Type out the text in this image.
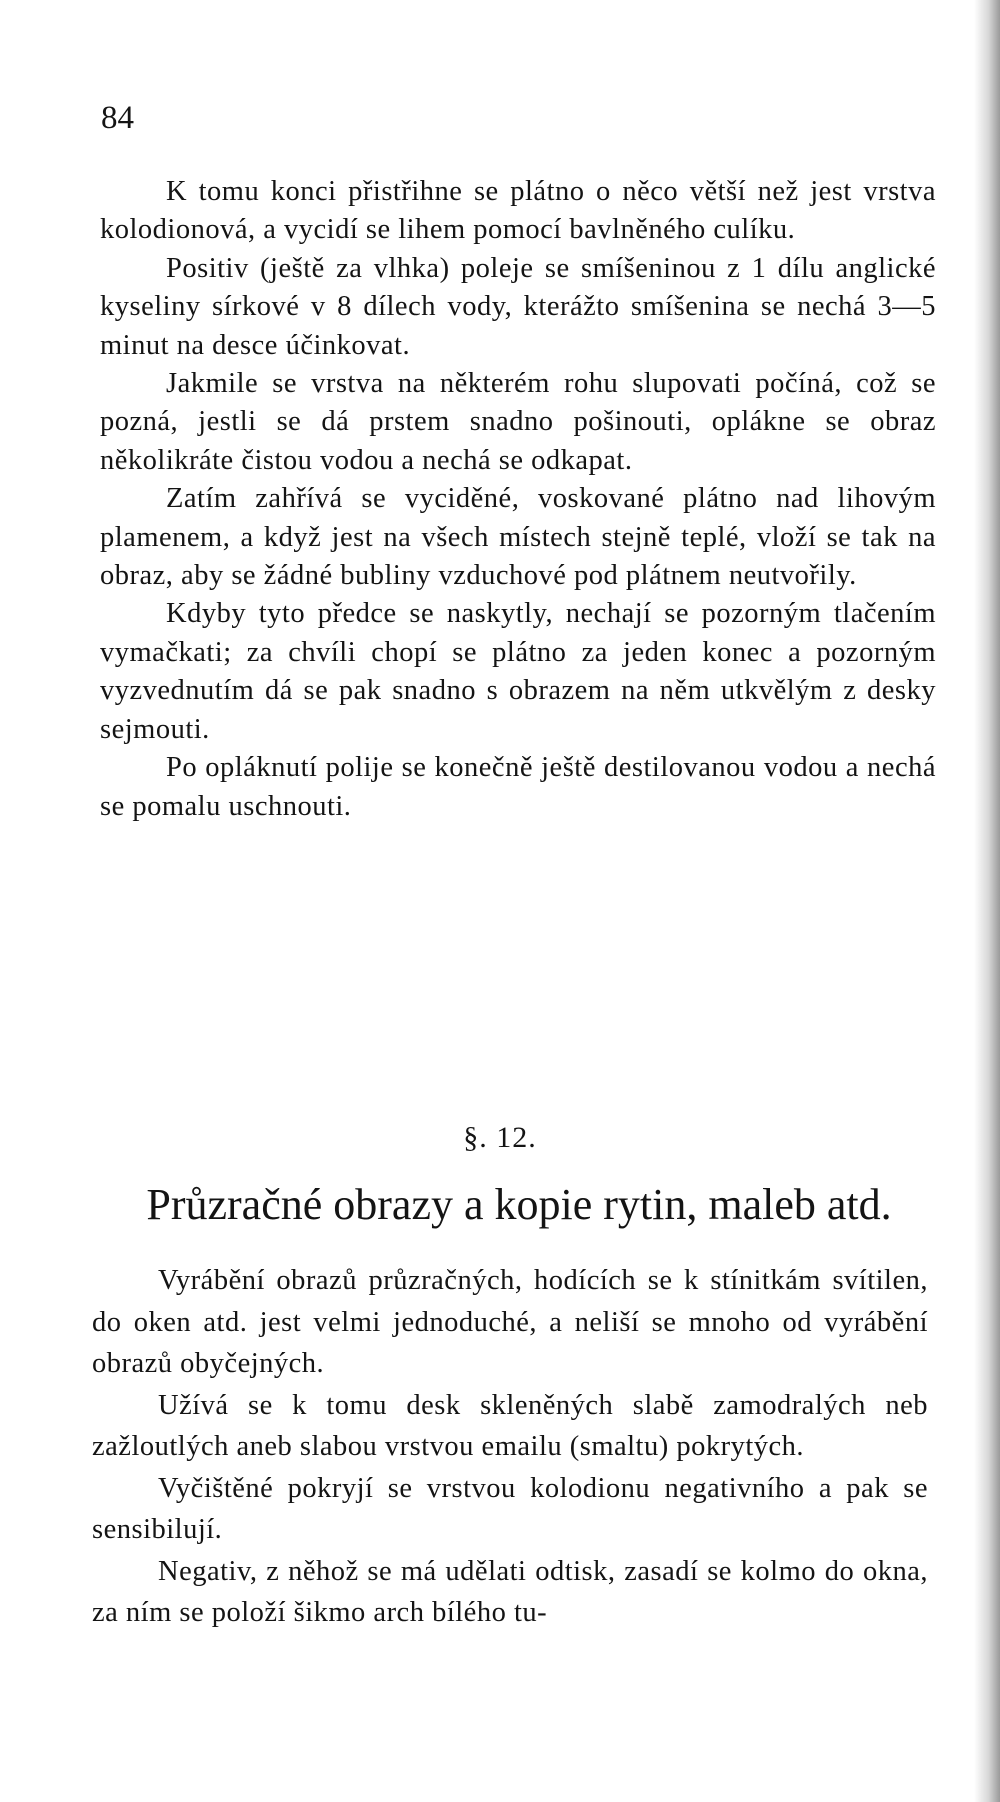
84

K tomu konci přistřihne se plátno o něco větší než jest vrstva kolodionová, a vycidí se lihem pomocí bavlněného culíku.

Positiv (ještě za vlhka) poleje se smíšeninou z 1 dílu anglické kyseliny sírkové v 8 dílech vody, kterážto smíšenina se nechá 3—5 minut na desce účinkovat.

Jakmile se vrstva na některém rohu slupovati počíná, což se pozná, jestli se dá prstem snadno pošinouti, oplákne se obraz několikráte čistou vodou a nechá se odkapat.

Zatím zahřívá se vyciděné, voskované plátno nad lihovým plamenem, a když jest na všech místech stejně teplé, vloží se tak na obraz, aby se žádné bubliny vzduchové pod plátnem neutvořily.

Kdyby tyto předce se naskytly, nechají se pozorným tlačením vymačkati; za chvíli chopí se plátno za jeden konec a pozorným vyzvednutím dá se pak snadno s obrazem na něm utkvělým z desky sejmouti.

Po opláknutí polije se konečně ještě destilovanou vodou a nechá se pomalu uschnouti.

§. 12.
Průzračné obrazy a kopie rytin, maleb atd.

Vyrábění obrazů průzračných, hodících se k stínitkám svítilen, do oken atd. jest velmi jednoduché, a neliší se mnoho od vyrábění obrazů obyčejných.

Užívá se k tomu desk skleněných slabě zamodralých neb zažloutlých aneb slabou vrstvou emailu (smaltu) pokrytých.

Vyčištěné pokryjí se vrstvou kolodionu negativního a pak se sensibilují.

Negativ, z něhož se má udělati odtisk, zasadí se kolmo do okna, za ním se položí šikmo arch bílého tu-
